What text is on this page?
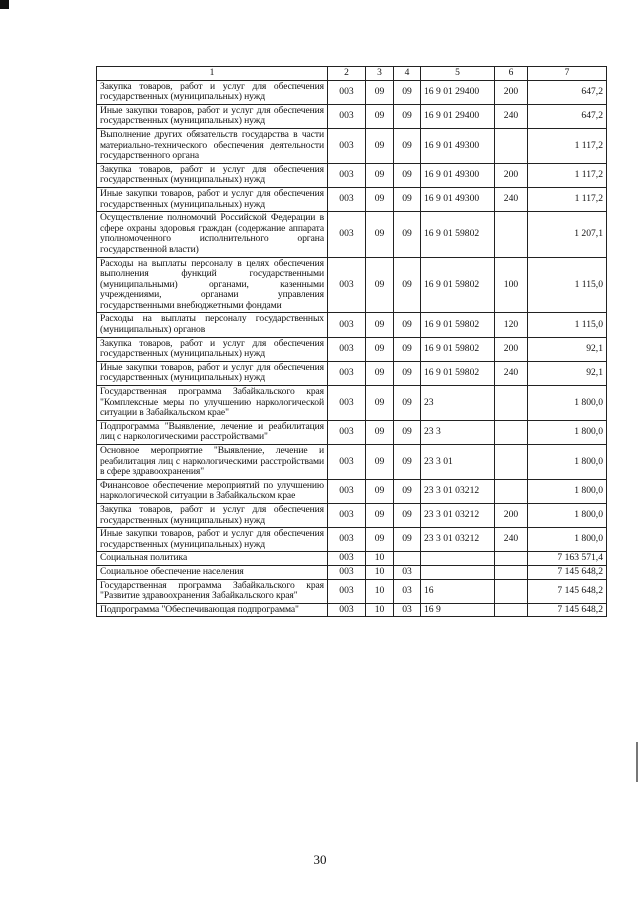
1	2	3	4	5	6	7
Закупка товаров, работ и услуг для обеспечения государственных (муниципальных) нужд	003	09	09	16 9 01 29400	200	647,2
Иные закупки товаров, работ и услуг для обеспечения государственных (муниципальных) нужд	003	09	09	16 9 01 29400	240	647,2
Выполнение других обязательств государства в части материально-технического обеспечения деятельности государственного органа	003	09	09	16 9 01 49300		1 117,2
Закупка товаров, работ и услуг для обеспечения государственных (муниципальных) нужд	003	09	09	16 9 01 49300	200	1 117,2
Иные закупки товаров, работ и услуг для обеспечения государственных (муниципальных) нужд	003	09	09	16 9 01 49300	240	1 117,2
Осуществление полномочий Российской Федерации в сфере охраны здоровья граждан (содержание аппарата уполномоченного исполнительного органа государственной власти)	003	09	09	16 9 01 59802		1 207,1
Расходы на выплаты персоналу в целях обеспечения выполнения функций государственными (муниципальными) органами, казенными учреждениями, органами управления государственными внебюджетными фондами	003	09	09	16 9 01 59802	100	1 115,0
Расходы на выплаты персоналу государственных (муниципальных) органов	003	09	09	16 9 01 59802	120	1 115,0
Закупка товаров, работ и услуг для обеспечения государственных (муниципальных) нужд	003	09	09	16 9 01 59802	200	92,1
Иные закупки товаров, работ и услуг для обеспечения государственных (муниципальных) нужд	003	09	09	16 9 01 59802	240	92,1
Государственная программа Забайкальского края "Комплексные меры по улучшению наркологической ситуации в Забайкальском крае"	003	09	09	23		1 800,0
Подпрограмма "Выявление, лечение и реабилитация лиц с наркологическими расстройствами"	003	09	09	23 3		1 800,0
Основное мероприятие "Выявление, лечение и реабилитация лиц с наркологическими расстройствами в сфере здравоохранения"	003	09	09	23 3 01		1 800,0
Финансовое обеспечение мероприятий по улучшению наркологической ситуации в Забайкальском крае	003	09	09	23 3 01 03212		1 800,0
Закупка товаров, работ и услуг для обеспечения государственных (муниципальных) нужд	003	09	09	23 3 01 03212	200	1 800,0
Иные закупки товаров, работ и услуг для обеспечения государственных (муниципальных) нужд	003	09	09	23 3 01 03212	240	1 800,0
Социальная политика	003	10				7 163 571,4
Социальное обеспечение населения	003	10	03			7 145 648,2
Государственная программа Забайкальского края "Развитие здравоохранения Забайкальского края"	003	10	03	16		7 145 648,2
Подпрограмма "Обеспечивающая подпрограмма"	003	10	03	16 9		7 145 648,2
30
